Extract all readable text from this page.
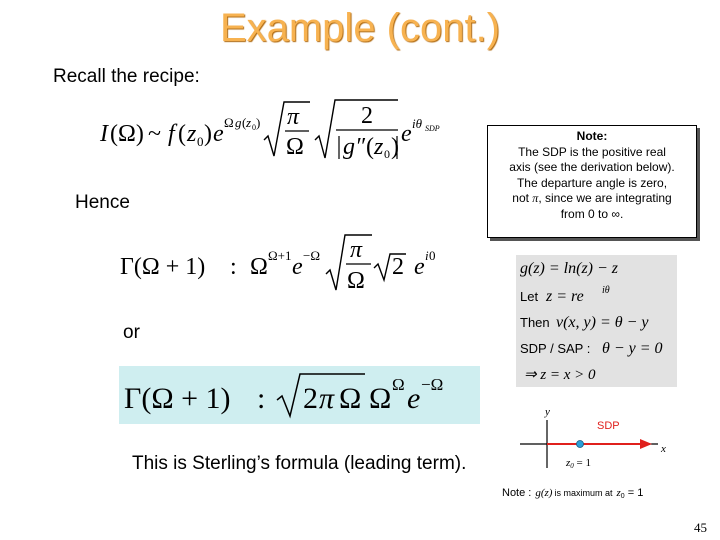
Example (cont.)
Recall the recipe:
I (Ω) ~ f ( z 0 ) e Ω g ( z 0 ) π
Ω
2
g″ ( z 0 ) e iθ SDP
Hence
Γ(Ω + 1) : Ω Ω+1 e −Ω π
Ω
2 e i 0
or
Γ(Ω + 1) : 2 π Ω Ω Ω e −Ω
This is Sterling’s formula (leading term).
Note:
The SDP is the positive real
axis (see the derivation below).
The departure angle is zero,
not π, since we are integrating
from 0 to ∞.
g(z) = ln(z) − z
Let z = re iθ
Then v(x, y) = θ − y
SDP / SAP : θ − y = 0
⇒ z = x > 0
y
x
SDP
z0 = 1
Note : g(z) is maximum at z0 = 1
45
